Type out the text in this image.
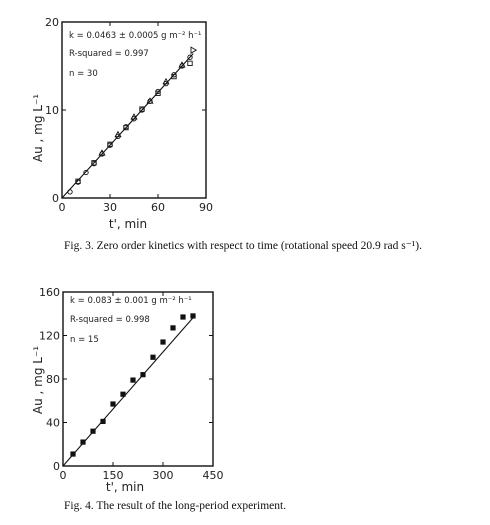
Au , mg L⁻¹
t', min
k = 0.0463 ± 0.0005 g m⁻² h⁻¹
R-squared = 0.997
n = 30
0	30	60	90
0
10
20
Fig. 3. Zero order kinetics with respect to time (rotational speed 20.9 rad s⁻¹).
Au , mg L⁻¹
t', min
k = 0.083 ± 0.001 g m⁻² h⁻¹
R-squared = 0.998
n = 15
0	150	300	450
0
40
80
120
160
Fig. 4. The result of the long-period experiment.
